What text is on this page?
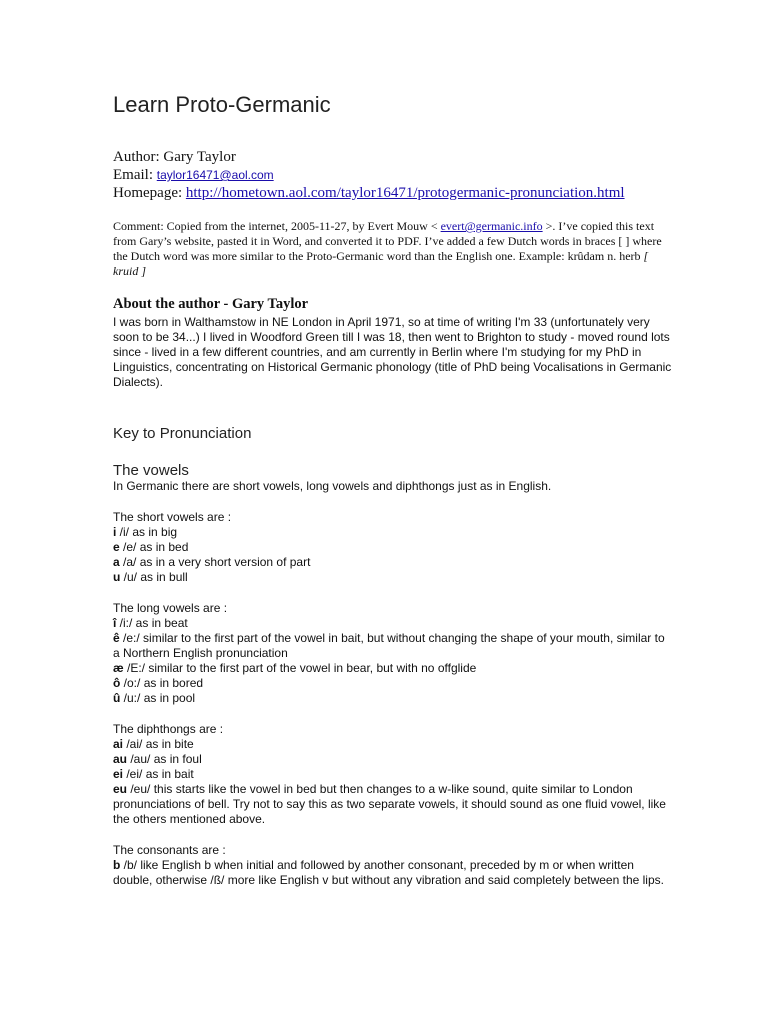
Learn Proto-Germanic
Author: Gary Taylor
Email: taylor16471@aol.com
Homepage: http://hometown.aol.com/taylor16471/protogermanic-pronunciation.html
Comment: Copied from the internet, 2005-11-27, by Evert Mouw < evert@germanic.info >. I’ve copied this text from Gary’s website, pasted it in Word, and converted it to PDF. I’ve added a few Dutch words in braces [ ] where the Dutch word was more similar to the Proto-Germanic word than the English one. Example: krûdam n. herb [ kruid ]
About the author - Gary Taylor

I was born in Walthamstow in NE London in April 1971, so at time of writing I'm 33 (unfortunately very soon to be 34...) I lived in Woodford Green till I was 18, then went to Brighton to study - moved round lots since - lived in a few different countries, and am currently in Berlin where I'm studying for my PhD in Linguistics, concentrating on Historical Germanic phonology (title of PhD being Vocalisations in Germanic Dialects).

Key to Pronunciation
The vowels

In Germanic there are short vowels, long vowels and diphthongs just as in English.

The short vowels are :
i /i/ as in big
e /e/ as in bed
a /a/ as in a very short version of part
u /u/ as in bull
The long vowels are :
î /i:/ as in beat
ê /e:/ similar to the first part of the vowel in bait, but without changing the shape of your mouth, similar to a Northern English pronunciation
æ /E:/ similar to the first part of the vowel in bear, but with no offglide
ô /o:/ as in bored
û /u:/ as in pool
The diphthongs are :
ai /ai/ as in bite
au /au/ as in foul
ei /ei/ as in bait
eu /eu/ this starts like the vowel in bed but then changes to a w-like sound, quite similar to London pronunciations of bell. Try not to say this as two separate vowels, it should sound as one fluid vowel, like the others mentioned above.
The consonants are :
b /b/ like English b when initial and followed by another consonant, preceded by m or when written double, otherwise /ß/ more like English v but without any vibration and said completely between the lips.
